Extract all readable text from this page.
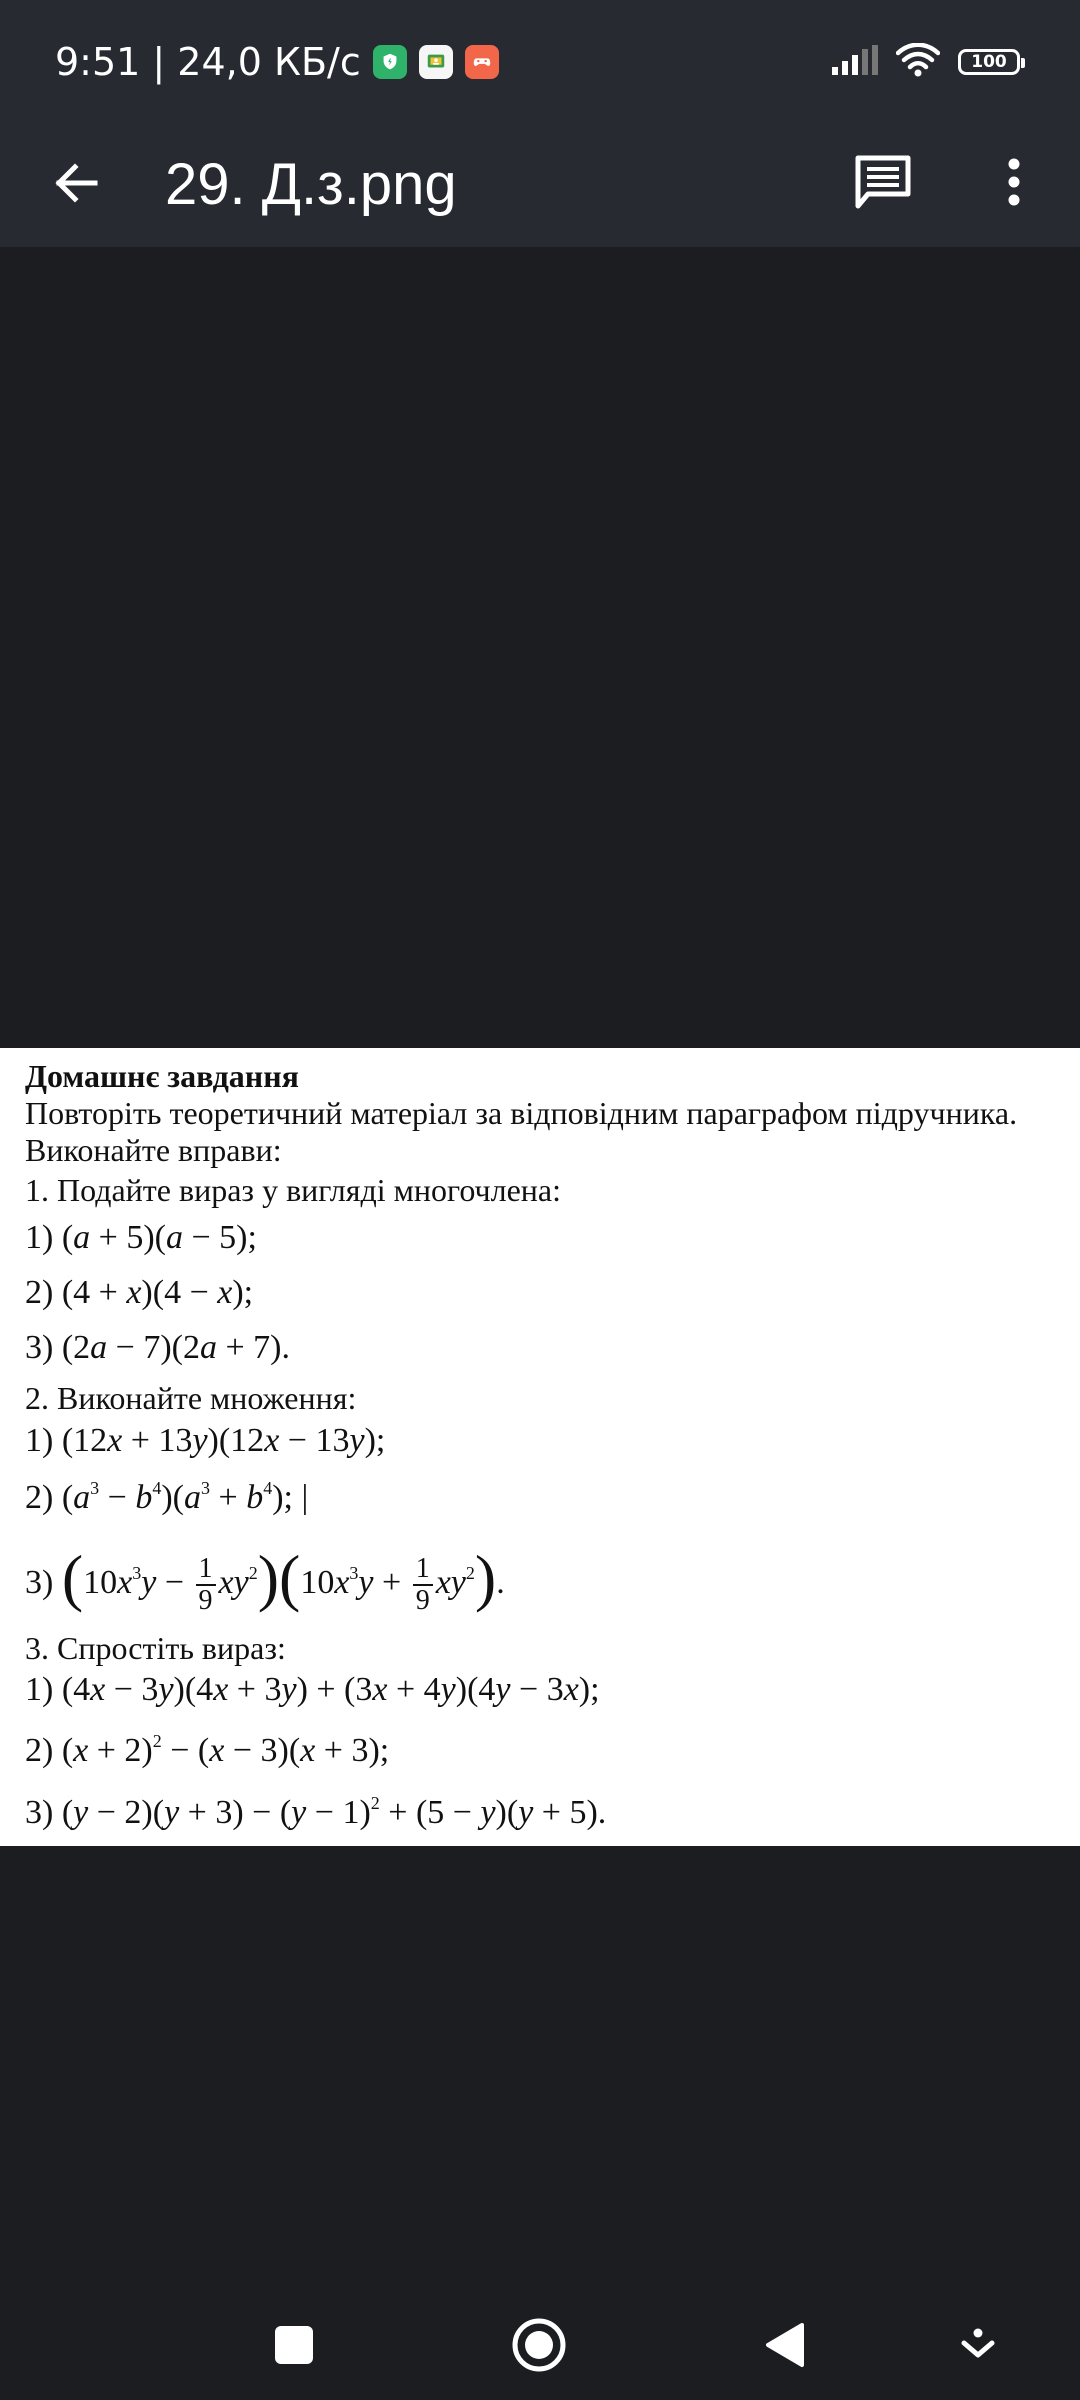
9:51 | 24,0 КБ/с	100
29. Д.з.png
Домашнє завдання
Повторіть теоретичний матеріал за відповідним параграфом підручника.
Виконайте вправи:
1. Подайте вираз у вигляді многочлена:
1) (a + 5)(a − 5);
2) (4 + x)(4 − x);
3) (2a − 7)(2a + 7).
2. Виконайте множення:
1) (12x + 13y)(12x − 13y);
2) $(a^3 - b^4)(a^3 + b^4)$; |
3) $(10x^3y - \frac{1}{9} xy^2)(10x^3y + \frac{1}{9} xy^2)$.
3. Спростіть вираз:
1) (4x − 3y)(4x + 3y) + (3x + 4y)(4y − 3x);
2) $(x + 2)^2 - (x - 3)(x + 3)$;
3) $(y - 2)(y + 3) - (y - 1)^2 + (5 - y)(y + 5)$.
